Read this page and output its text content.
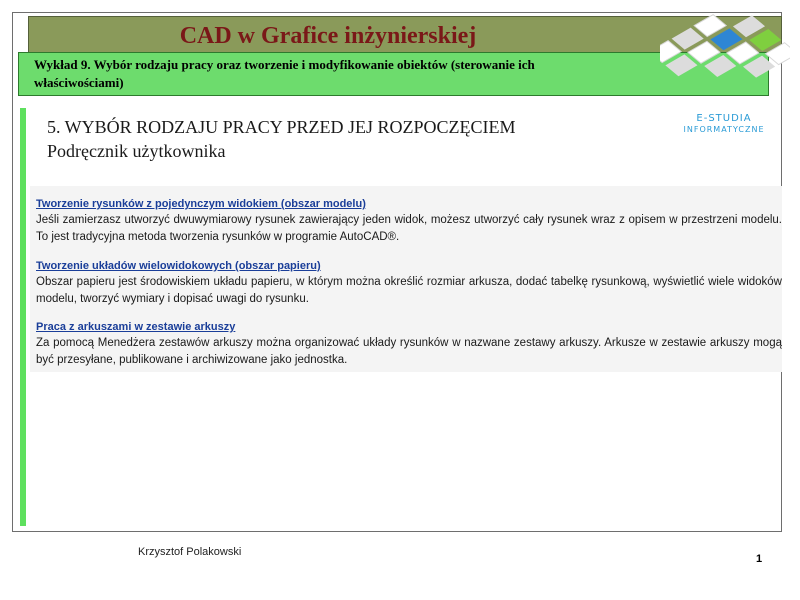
CAD w Grafice inżynierskiej
Wykład 9. Wybór rodzaju pracy oraz tworzenie i modyfikowanie obiektów (sterowanie ich
właściwościami)
E-STUDIA
INFORMATYCZNE
5. WYBÓR RODZAJU PRACY PRZED JEJ ROZPOCZĘCIEM
Podręcznik użytkownika
Tworzenie rysunków z pojedynczym widokiem (obszar modelu)
Jeśli zamierzasz utworzyć dwuwymiarowy rysunek zawierający jeden widok, możesz utworzyć cały rysunek wraz z opisem w przestrzeni modelu. To jest tradycyjna metoda tworzenia rysunków w programie AutoCAD®.
Tworzenie układów wielowidokowych (obszar papieru)
Obszar papieru jest środowiskiem układu papieru, w którym można określić rozmiar arkusza, dodać tabelkę rysunkową, wyświetlić wiele widoków modelu, tworzyć wymiary i dopisać uwagi do rysunku.
Praca z arkuszami w zestawie arkuszy
Za pomocą Menedżera zestawów arkuszy można organizować układy rysunków w nazwane zestawy arkuszy. Arkusze w zestawie arkuszy mogą być przesyłane, publikowane i archiwizowane jako jednostka.
Krzysztof Polakowski
1
